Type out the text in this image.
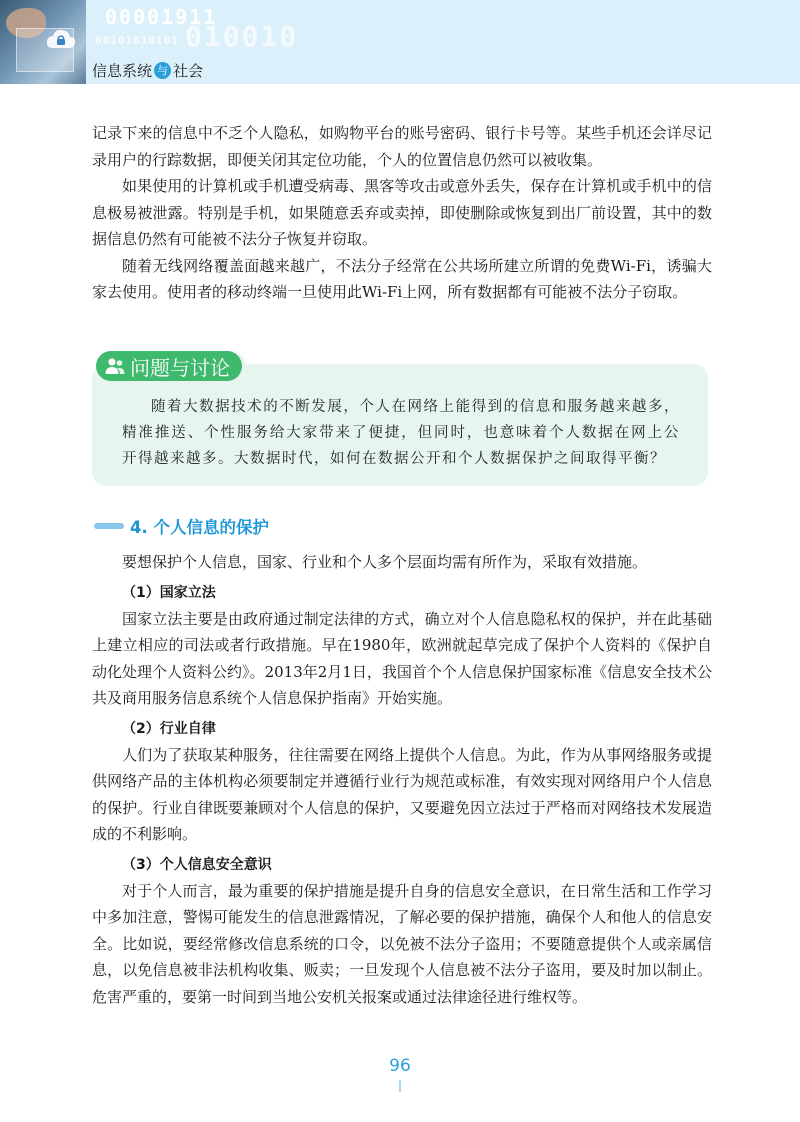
00001911
00101010101 010010
信息系统 与 社会

记录下来的信息中不乏个人隐私，如购物平台的账号密码、银行卡号等。某些手机还会详尽记录用户的行踪数据，即便关闭其定位功能，个人的位置信息仍然可以被收集。

如果使用的计算机或手机遭受病毒、黑客等攻击或意外丢失，保存在计算机或手机中的信息极易被泄露。特别是手机，如果随意丢弃或卖掉，即使删除或恢复到出厂前设置，其中的数据信息仍然有可能被不法分子恢复并窃取。

随着无线网络覆盖面越来越广，不法分子经常在公共场所建立所谓的免费Wi-Fi，诱骗大家去使用。使用者的移动终端一旦使用此Wi-Fi上网，所有数据都有可能被不法分子窃取。

问题与讨论

随着大数据技术的不断发展，个人在网络上能得到的信息和服务越来越多，精准推送、个性服务给大家带来了便捷，但同时，也意味着个人数据在网上公开得越来越多。大数据时代，如何在数据公开和个人数据保护之间取得平衡？

4. 个人信息的保护

要想保护个人信息，国家、行业和个人多个层面均需有所作为，采取有效措施。

（1）国家立法

国家立法主要是由政府通过制定法律的方式，确立对个人信息隐私权的保护，并在此基础上建立相应的司法或者行政措施。早在1980年，欧洲就起草完成了保护个人资料的《保护自动化处理个人资料公约》。2013年2月1日，我国首个个人信息保护国家标准《信息安全技术公共及商用服务信息系统个人信息保护指南》开始实施。

（2）行业自律

人们为了获取某种服务，往往需要在网络上提供个人信息。为此，作为从事网络服务或提供网络产品的主体机构必须要制定并遵循行业行为规范或标准，有效实现对网络用户个人信息的保护。行业自律既要兼顾对个人信息的保护，又要避免因立法过于严格而对网络技术发展造成的不利影响。

（3）个人信息安全意识

对于个人而言，最为重要的保护措施是提升自身的信息安全意识，在日常生活和工作学习中多加注意，警惕可能发生的信息泄露情况，了解必要的保护措施，确保个人和他人的信息安全。比如说，要经常修改信息系统的口令，以免被不法分子盗用；不要随意提供个人或亲属信息，以免信息被非法机构收集、贩卖；一旦发现个人信息被不法分子盗用，要及时加以制止。危害严重的，要第一时间到当地公安机关报案或通过法律途径进行维权等。

96
